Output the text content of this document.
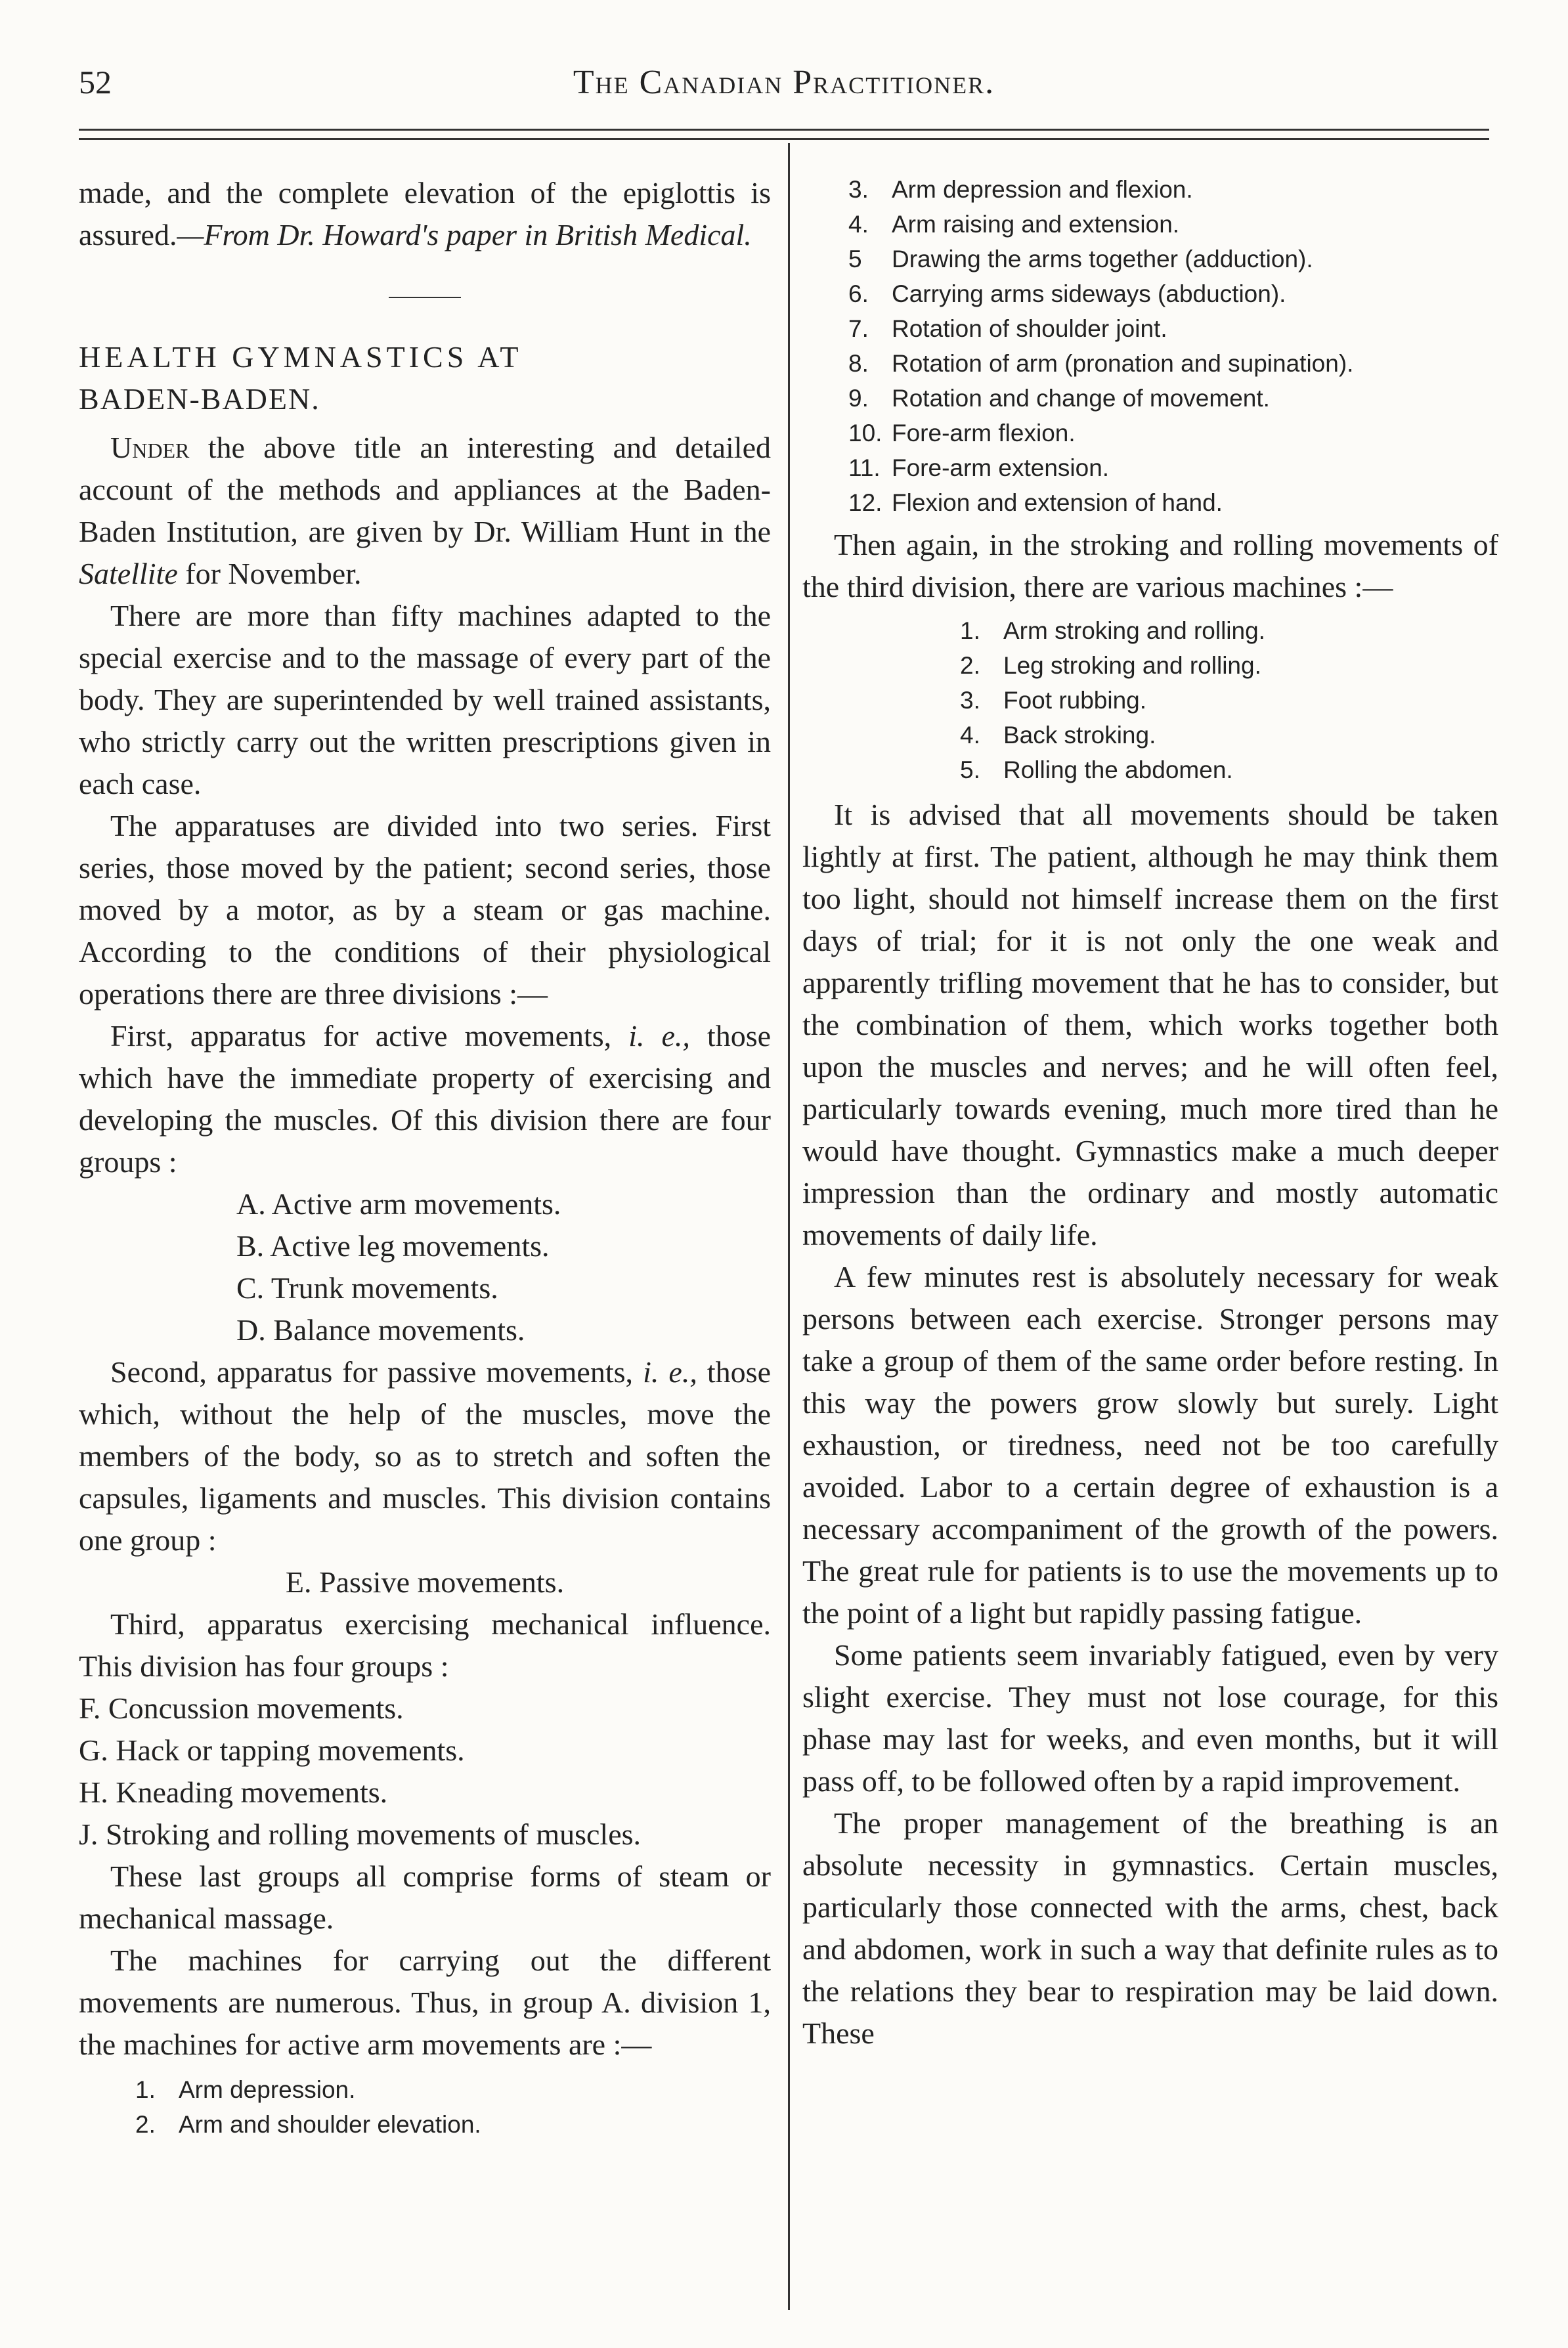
52	The Canadian Practitioner.

made, and the complete elevation of the epiglottis is assured.—From Dr. Howard's paper in British Medical.

HEALTH GYMNASTICS AT

BADEN-BADEN.

Under the above title an interesting and detailed account of the methods and appliances at the Baden-Baden Institution, are given by Dr. William Hunt in the Satellite for November.

There are more than fifty machines adapted to the special exercise and to the massage of every part of the body. They are superintended by well trained assistants, who strictly carry out the written prescriptions given in each case.

The apparatuses are divided into two series. First series, those moved by the patient; second series, those moved by a motor, as by a steam or gas machine. According to the conditions of their physiological operations there are three divisions :—

First, apparatus for active movements, i. e., those which have the immediate property of exercising and developing the muscles. Of this division there are four groups :

A. Active arm movements.
B. Active leg movements.
C. Trunk movements.
D. Balance movements.

Second, apparatus for passive movements, i. e., those which, without the help of the muscles, move the members of the body, so as to stretch and soften the capsules, ligaments and muscles. This division contains one group :

E. Passive movements.

Third, apparatus exercising mechanical influence. This division has four groups :

F. Concussion movements.
G. Hack or tapping movements.
H. Kneading movements.
J. Stroking and rolling movements of muscles.

These last groups all comprise forms of steam or mechanical massage.

The machines for carrying out the different movements are numerous. Thus, in group A. division 1, the machines for active arm movements are :—

1. Arm depression.
2. Arm and shoulder elevation.
3. Arm depression and flexion.
4. Arm raising and extension.
5 Drawing the arms together (adduction).
6. Carrying arms sideways (abduction).
7. Rotation of shoulder joint.
8. Rotation of arm (pronation and supination).
9. Rotation and change of movement.
10. Fore-arm flexion.
11. Fore-arm extension.
12. Flexion and extension of hand.

Then again, in the stroking and rolling movements of the third division, there are various machines :—

1. Arm stroking and rolling.
2. Leg stroking and rolling.
3. Foot rubbing.
4. Back stroking.
5. Rolling the abdomen.

It is advised that all movements should be taken lightly at first. The patient, although he may think them too light, should not himself increase them on the first days of trial; for it is not only the one weak and apparently trifling movement that he has to consider, but the combination of them, which works together both upon the muscles and nerves; and he will often feel, particularly towards evening, much more tired than he would have thought. Gymnastics make a much deeper impression than the ordinary and mostly automatic movements of daily life.

A few minutes rest is absolutely necessary for weak persons between each exercise. Stronger persons may take a group of them of the same order before resting. In this way the powers grow slowly but surely. Light exhaustion, or tiredness, need not be too carefully avoided. Labor to a certain degree of exhaustion is a necessary accompaniment of the growth of the powers. The great rule for patients is to use the movements up to the point of a light but rapidly passing fatigue.

Some patients seem invariably fatigued, even by very slight exercise. They must not lose courage, for this phase may last for weeks, and even months, but it will pass off, to be followed often by a rapid improvement.

The proper management of the breathing is an absolute necessity in gymnastics. Certain muscles, particularly those connected with the arms, chest, back and abdomen, work in such a way that definite rules as to the relations they bear to respiration may be laid down. These
